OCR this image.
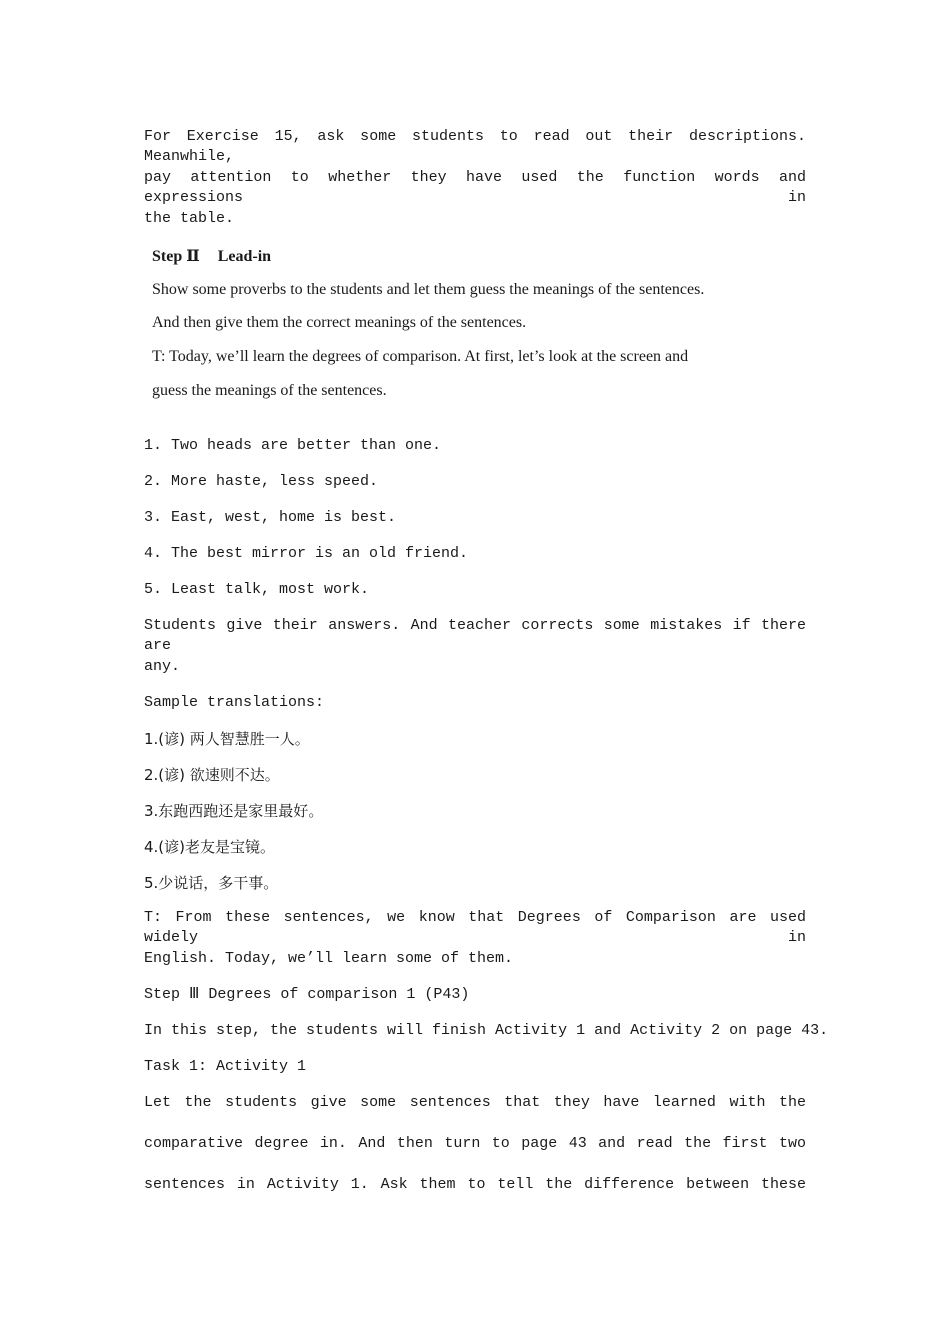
For Exercise 15, ask some students to read out their descriptions. Meanwhile,
pay attention to whether they have used the function words and expressions in
the table.
Step Ⅱ Lead-in
Show some proverbs to the students and let them guess the meanings of the sentences.
And then give them the correct meanings of the sentences.
T: Today, we’ll learn the degrees of comparison. At first, let’s look at the screen and
guess the meanings of the sentences.
1. Two heads are better than one.
2. More haste, less speed.
3. East, west, home is best.
4. The best mirror is an old friend.
5. Least talk, most work.
Students give their answers. And teacher corrects some mistakes if there are
any.
Sample translations:
1.(谚) 两人智慧胜一人。
2.(谚) 欲速则不达。
3.东跑西跑还是家里最好。
4.(谚)老友是宝镜。
5.少说话，多干事。
T: From these sentences, we know that Degrees of Comparison are used widely in
English. Today, we’ll learn some of them.
Step Ⅲ Degrees of comparison 1 (P43)
In this step, the students will finish Activity 1 and Activity 2 on page 43.
Task 1: Activity 1
Let the students give some sentences that they have learned with the
comparative degree in. And then turn to page 43 and read the first two
sentences in Activity 1. Ask them to tell the difference between these
